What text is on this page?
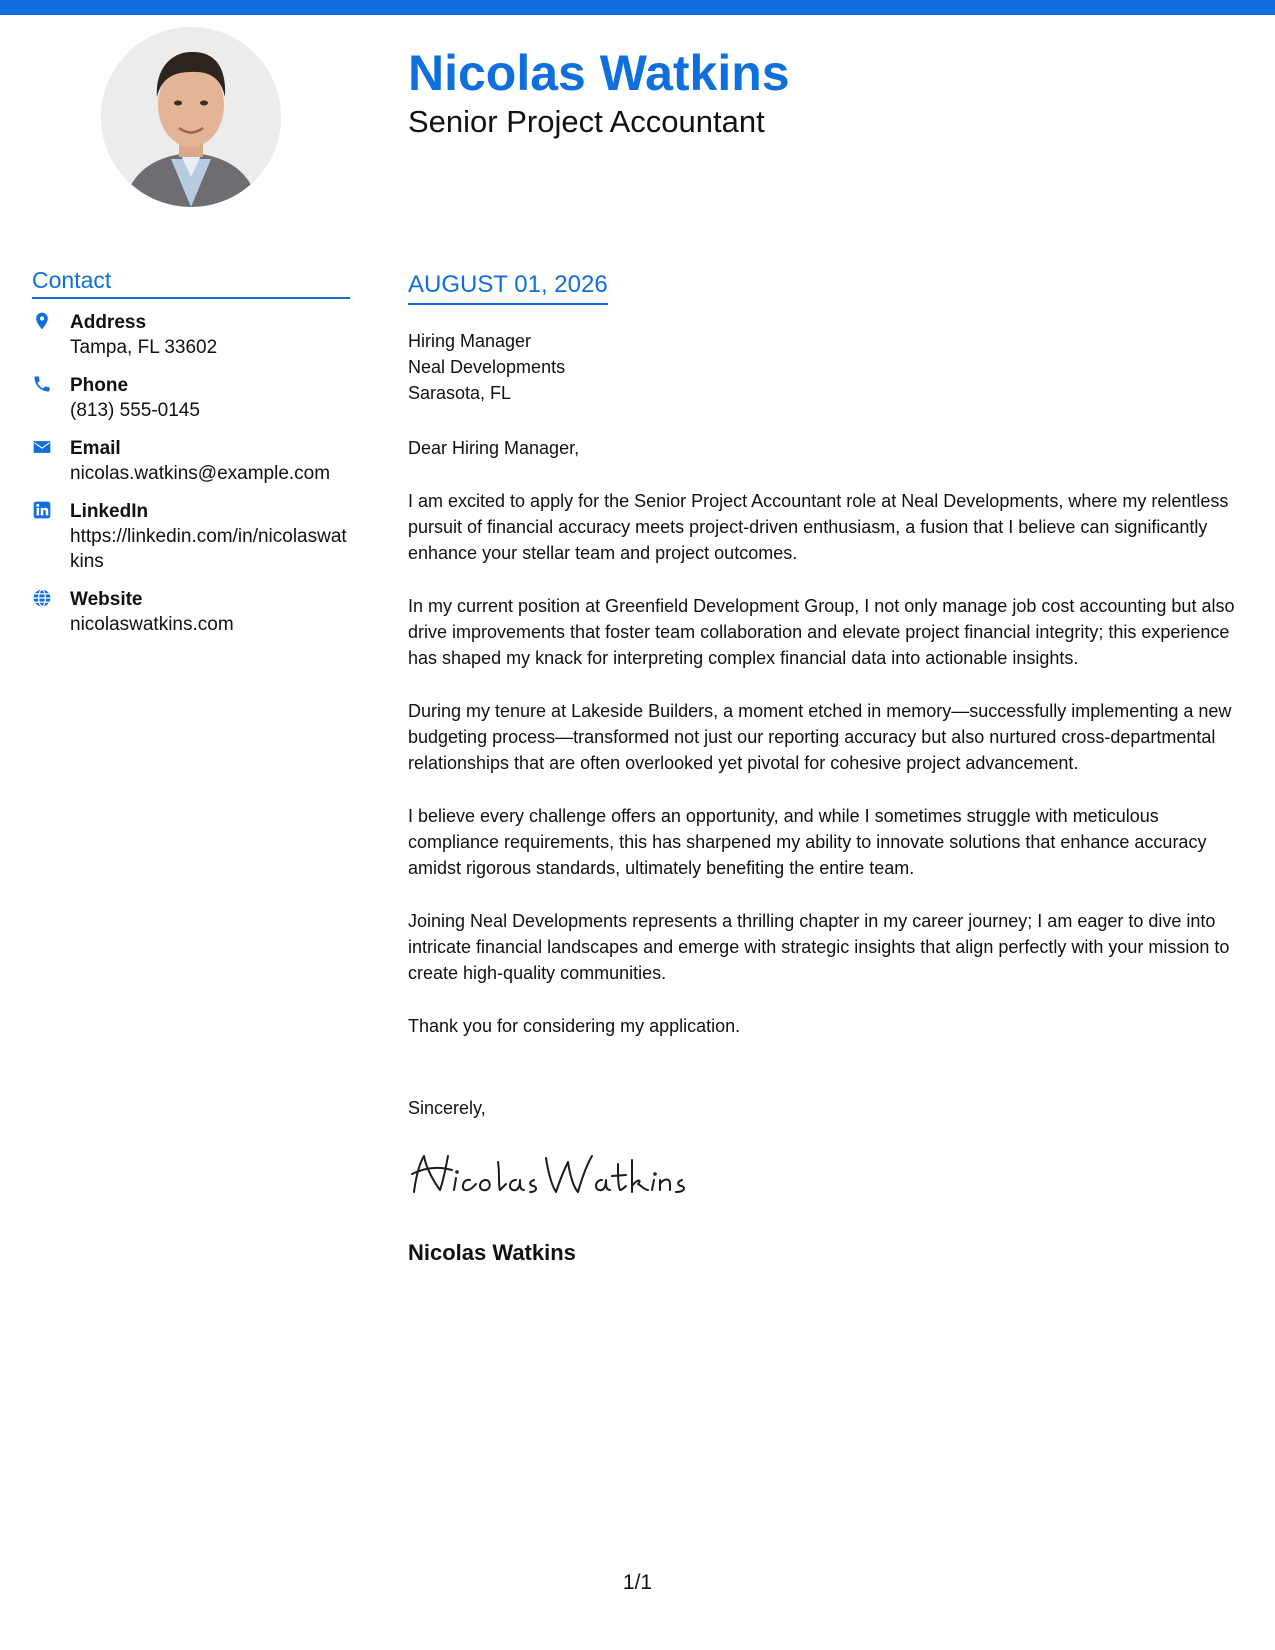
Nicolas Watkins
Senior Project Accountant
Contact
Address
Tampa, FL 33602
Phone
(813) 555-0145
Email
nicolas.watkins@example.com
LinkedIn
https://linkedin.com/in/nicolaswatkins
Website
nicolaswatkins.com
AUGUST 01, 2026
Hiring Manager
Neal Developments
Sarasota, FL

Dear Hiring Manager,

I am excited to apply for the Senior Project Accountant role at Neal Developments, where my relentless pursuit of financial accuracy meets project-driven enthusiasm, a fusion that I believe can significantly enhance your stellar team and project outcomes.

In my current position at Greenfield Development Group, I not only manage job cost accounting but also drive improvements that foster team collaboration and elevate project financial integrity; this experience has shaped my knack for interpreting complex financial data into actionable insights.

During my tenure at Lakeside Builders, a moment etched in memory—successfully implementing a new budgeting process—transformed not just our reporting accuracy but also nurtured cross-departmental relationships that are often overlooked yet pivotal for cohesive project advancement.

I believe every challenge offers an opportunity, and while I sometimes struggle with meticulous compliance requirements, this has sharpened my ability to innovate solutions that enhance accuracy amidst rigorous standards, ultimately benefiting the entire team.

Joining Neal Developments represents a thrilling chapter in my career journey; I am eager to dive into intricate financial landscapes and emerge with strategic insights that align perfectly with your mission to create high-quality communities.

Thank you for considering my application.

Sincerely,

Nicolas Watkins

1/1
